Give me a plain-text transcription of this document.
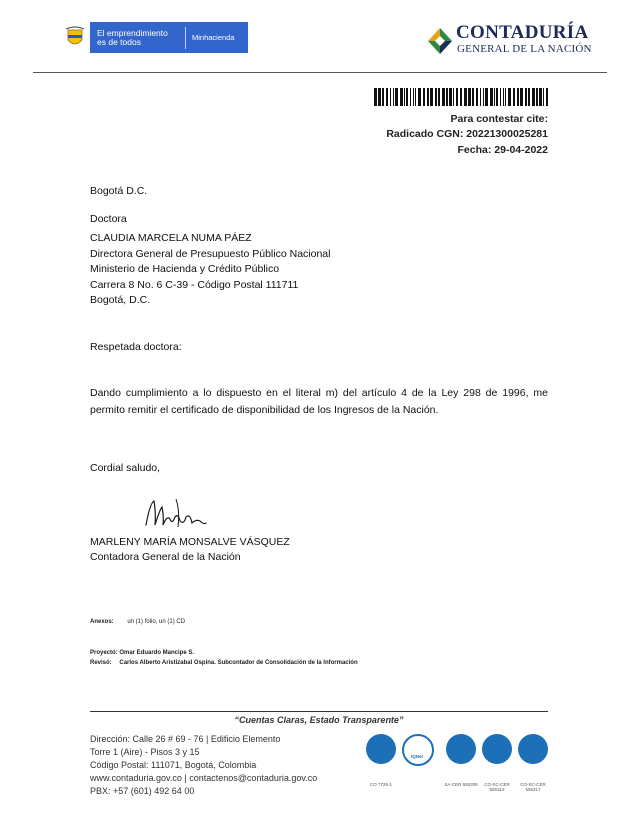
El emprendimiento
es de todos	Minhacienda	CONTADURÍA
GENERAL DE LA NACIÓN
Para contestar cite:
Radicado CGN: 20221300025281
Fecha: 29-04-2022
Bogotá D.C.
Doctora
CLAUDIA MARCELA NUMA PÁEZ
Directora General de Presupuesto Público Nacional
Ministerio de Hacienda y Crédito Público
Carrera 8 No. 6 C-39 - Código Postal 111711
Bogotá, D.C.
Respetada doctora:
Dando cumplimiento a lo dispuesto en el literal m) del artículo 4 de la Ley 298 de 1996, me permito remitir el certificado de disponibilidad de los Ingresos de la Nación.
Cordial saludo,
MARLENY MARÍA MONSALVE VÁSQUEZ
Contadora General de la Nación
Anexos: un (1) folio, un (1) CD
Proyectó: Omar Eduardo Mancipe S.
Revisó: Carlos Alberto Aristizabal Ospina. Subcontador de Consolidación de la Información
“Cuentas Claras, Estado Transparente”
Dirección: Calle 26 # 69 - 76 | Edificio Elemento
Torre 1 (Aire) - Pisos 3 y 15
Código Postal: 111071, Bogotá, Colombia
www.contaduria.gov.co | contactenos@contaduria.gov.co
PBX: +57 (601) 492 64 00
CO 7725-1
IQNet
SA-CER 555305	CO-SC-CER 555313
CO-SC-CER 555317
